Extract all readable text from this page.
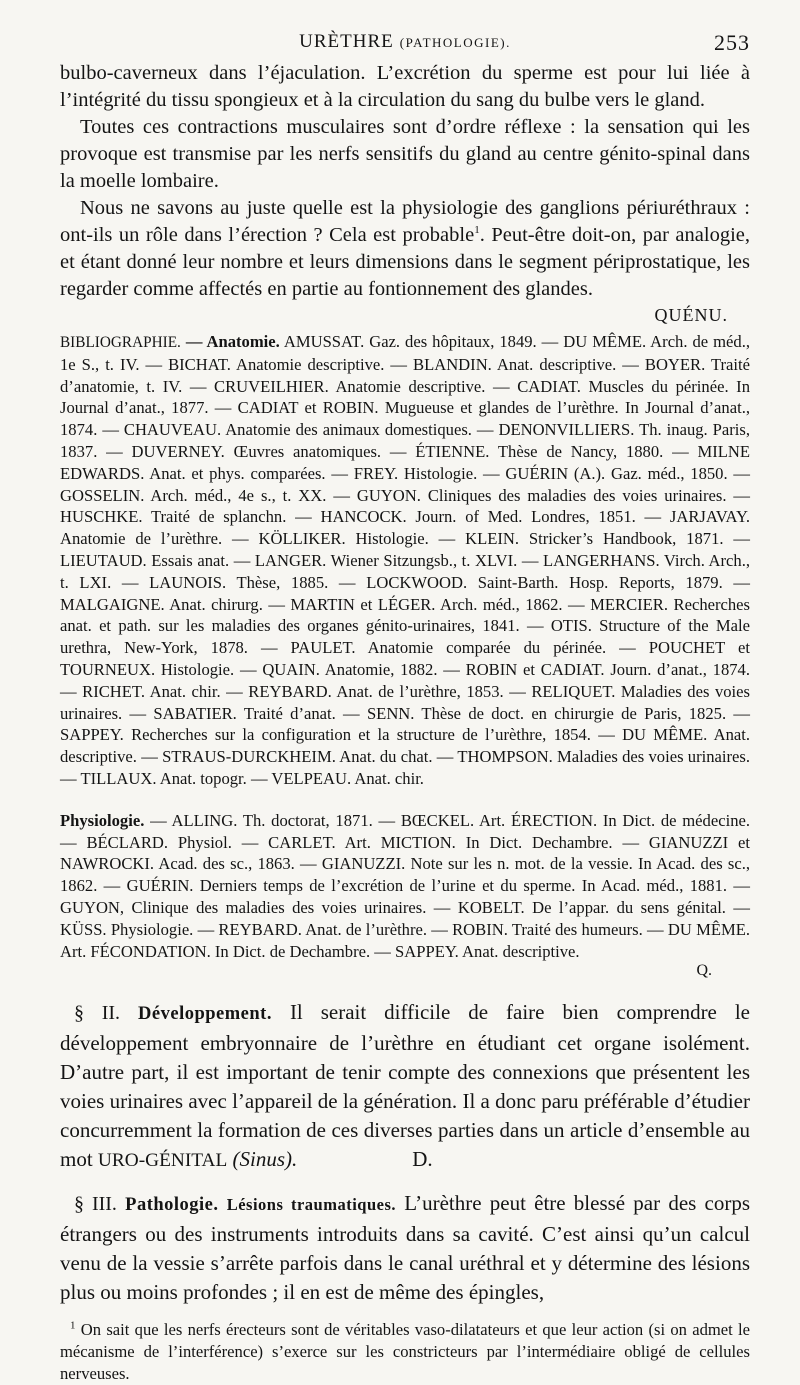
URÈTHRE (PATHOLOGIE).	253

bulbo-caverneux dans l’éjaculation. L’excrétion du sperme est pour lui liée à l’intégrité du tissu spongieux et à la circulation du sang du bulbe vers le gland.

Toutes ces contractions musculaires sont d’ordre réflexe : la sensation qui les provoque est transmise par les nerfs sensitifs du gland au centre génito-spinal dans la moelle lombaire.

Nous ne savons au juste quelle est la physiologie des ganglions périuréthraux : ont-ils un rôle dans l’érection ? Cela est probable$^1$. Peut-être doit-on, par analogie, et étant donné leur nombre et leurs dimensions dans le segment périprostatique, les regarder comme affectés en partie au fontionnement des glandes.

QUÉNU.

BIBLIOGRAPHIE. — Anatomie. AMUSSAT. Gaz. des hôpitaux, 1849. — DU MÊME. Arch. de méd., 1e S., t. IV. — BICHAT. Anatomie descriptive. — BLANDIN. Anat. descriptive. — BOYER. Traité d’anatomie, t. IV. — CRUVEILHIER. Anatomie descriptive. — CADIAT. Muscles du périnée. In Journal d’anat., 1877. — CADIAT et ROBIN. Mugueuse et glandes de l’urèthre. In Journal d’anat., 1874. — CHAUVEAU. Anatomie des animaux domestiques. — DENONVILLIERS. Th. inaug. Paris, 1837. — DUVERNEY. Œuvres anatomiques. — ÉTIENNE. Thèse de Nancy, 1880. — MILNE EDWARDS. Anat. et phys. comparées. — FREY. Histologie. — GUÉRIN (A.). Gaz. méd., 1850. — GOSSELIN. Arch. méd., 4e s., t. XX. — GUYON. Cliniques des maladies des voies urinaires. — HUSCHKE. Traité de splanchn. — HANCOCK. Journ. of Med. Londres, 1851. — JARJAVAY. Anatomie de l’urèthre. — KÖLLIKER. Histologie. — KLEIN. Stricker’s Handbook, 1871. — LIEUTAUD. Essais anat. — LANGER. Wiener Sitzungsb., t. XLVI. — LANGERHANS. Virch. Arch., t. LXI. — LAUNOIS. Thèse, 1885. — LOCKWOOD. Saint-Barth. Hosp. Reports, 1879. — MALGAIGNE. Anat. chirurg. — MARTIN et LÉGER. Arch. méd., 1862. — MERCIER. Recherches anat. et path. sur les maladies des organes génito-urinaires, 1841. — OTIS. Structure of the Male urethra, New-York, 1878. — PAULET. Anatomie comparée du périnée. — POUCHET et TOURNEUX. Histologie. — QUAIN. Anatomie, 1882. — ROBIN et CADIAT. Journ. d’anat., 1874. — RICHET. Anat. chir. — REYBARD. Anat. de l’urèthre, 1853. — RELIQUET. Maladies des voies urinaires. — SABATIER. Traité d’anat. — SENN. Thèse de doct. en chirurgie de Paris, 1825. — SAPPEY. Recherches sur la configuration et la structure de l’urèthre, 1854. — DU MÊME. Anat. descriptive. — STRAUS-DURCKHEIM. Anat. du chat. — THOMPSON. Maladies des voies urinaires. — TILLAUX. Anat. topogr. — VELPEAU. Anat. chir.

Physiologie. — ALLING. Th. doctorat, 1871. — BŒCKEL. Art. ÉRECTION. In Dict. de médecine. — BÉCLARD. Physiol. — CARLET. Art. MICTION. In Dict. Dechambre. — GIANUZZI et NAWROCKI. Acad. des sc., 1863. — GIANUZZI. Note sur les n. mot. de la vessie. In Acad. des sc., 1862. — GUÉRIN. Derniers temps de l’excrétion de l’urine et du sperme. In Acad. méd., 1881. — GUYON, Clinique des maladies des voies urinaires. — KOBELT. De l’appar. du sens génital. — KÜSS. Physiologie. — REYBARD. Anat. de l’urèthre. — ROBIN. Traité des humeurs. — DU MÊME. Art. FÉCONDATION. In Dict. de Dechambre. — SAPPEY. Anat. descriptive.

Q.

§ II. Développement. Il serait difficile de faire bien comprendre le développement embryonnaire de l’urèthre en étudiant cet organe isolément. D’autre part, il est important de tenir compte des connexions que présentent les voies urinaires avec l’appareil de la génération. Il a donc paru préférable d’étudier concurremment la formation de ces diverses parties dans un article d’ensemble au mot URO-GÉNITAL (Sinus).	D.

§ III. Pathologie. Lésions traumatiques. L’urèthre peut être blessé par des corps étrangers ou des instruments introduits dans sa cavité. C’est ainsi qu’un calcul venu de la vessie s’arrête parfois dans le canal uréthral et y détermine des lésions plus ou moins profondes ; il en est de même des épingles,

$^1$ On sait que les nerfs érecteurs sont de véritables vaso-dilatateurs et que leur action (si on admet le mécanisme de l’interférence) s’exerce sur les constricteurs par l’intermédiaire obligé de cellules nerveuses.
